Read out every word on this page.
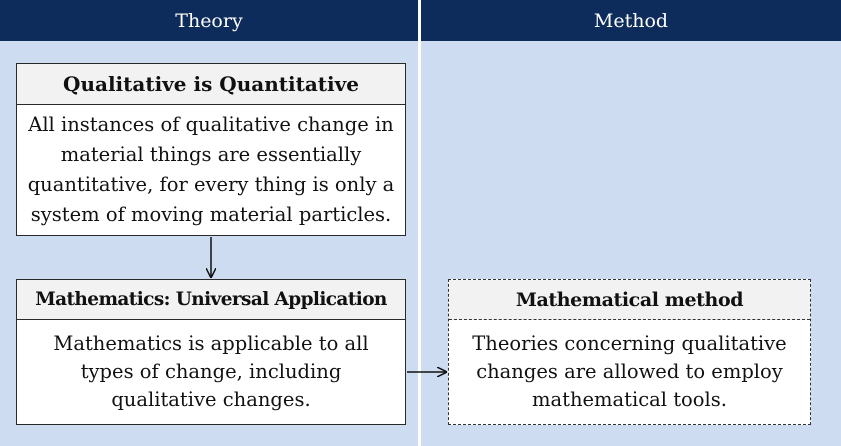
Theory	Method
Qualitative is Quantitative
All instances of qualitative change in material things are essentially quantitative, for every thing is only a system of moving material particles.
Mathematics: Universal Application
Mathematics is applicable to all types of change, including qualitative changes.
Mathematical method
Theories concerning qualitative changes are allowed to employ mathematical tools.
